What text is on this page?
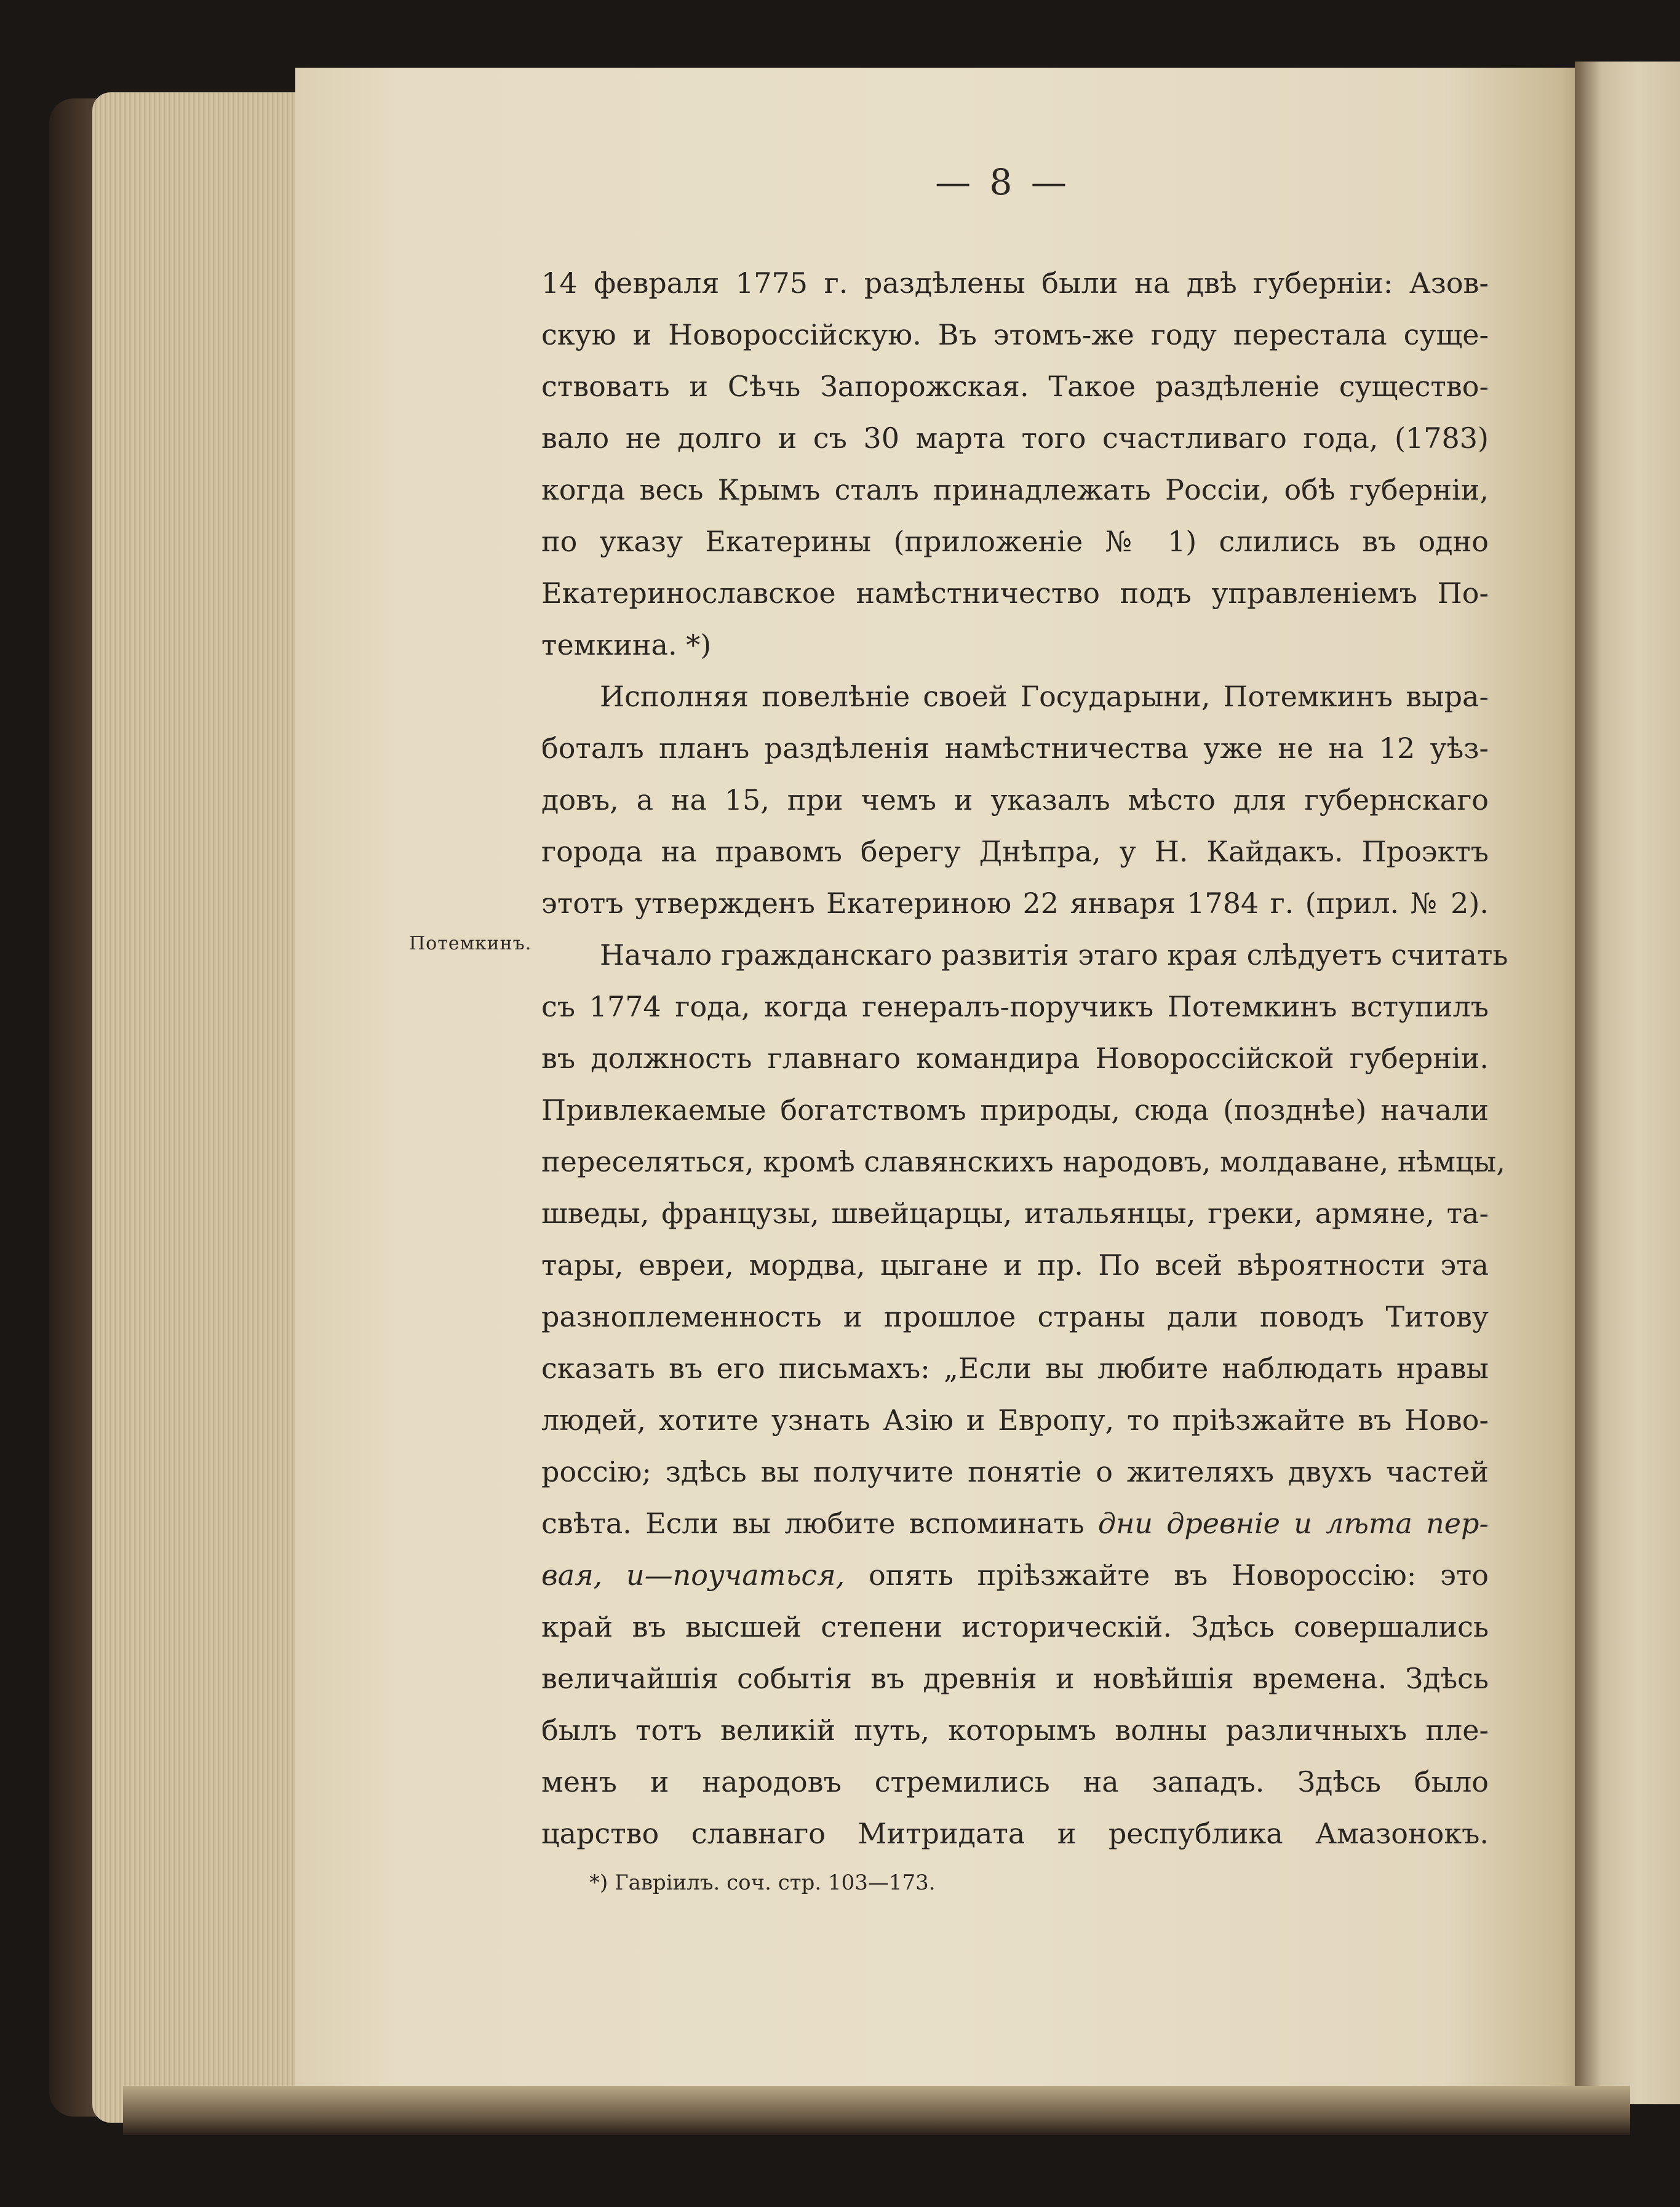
— 8 —
Потемкинъ.
14 февраля 1775 г. раздѣлены были на двѣ губерніи: Азов-
скую и Новороссійскую. Въ этомъ-же году перестала суще-
ствовать и Сѣчь Запорожская. Такое раздѣленіе существо-
вало не долго и съ 30 марта того счастливаго года, (1783)
когда весь Крымъ сталъ принадлежать Россіи, обѣ губерніи,
по указу Екатерины (приложеніе № 1) слились въ одно
Екатеринославское намѣстничество подъ управленіемъ По-
темкина. *)
Исполняя повелѣніе своей Государыни, Потемкинъ выра-
боталъ планъ раздѣленія намѣстничества уже не на 12 уѣз-
довъ, а на 15, при чемъ и указалъ мѣсто для губернскаго
города на правомъ берегу Днѣпра, у Н. Кайдакъ. Проэктъ
этотъ утвержденъ Екатериною 22 января 1784 г. (прил. № 2).
Начало гражданскаго развитія этаго края слѣдуетъ считать
съ 1774 года, когда генералъ-поручикъ Потемкинъ вступилъ
въ должность главнаго командира Новороссійской губерніи.
Привлекаемые богатствомъ природы, сюда (позднѣе) начали
переселяться, кромѣ славянскихъ народовъ, молдаване, нѣмцы,
шведы, французы, швейцарцы, итальянцы, греки, армяне, та-
тары, евреи, мордва, цыгане и пр. По всей вѣроятности эта
разноплеменность и прошлое страны дали поводъ Титову
сказать въ его письмахъ: „Если вы любите наблюдать нравы
людей, хотите узнать Азію и Европу, то пріѣзжайте въ Ново-
россію; здѣсь вы получите понятіе о жителяхъ двухъ частей
свѣта. Если вы любите вспоминать дни древніе и лѣта пер-
вая, и—поучаться, опять пріѣзжайте въ Новороссію: это
край въ высшей степени историческій. Здѣсь совершались
величайшія событія въ древнія и новѣйшія времена. Здѣсь
былъ тотъ великій путь, которымъ волны различныхъ пле-
менъ и народовъ стремились на западъ. Здѣсь было
царство славнаго Митридата и республика Амазонокъ.
*) Гавріилъ. соч. стр. 103—173.
